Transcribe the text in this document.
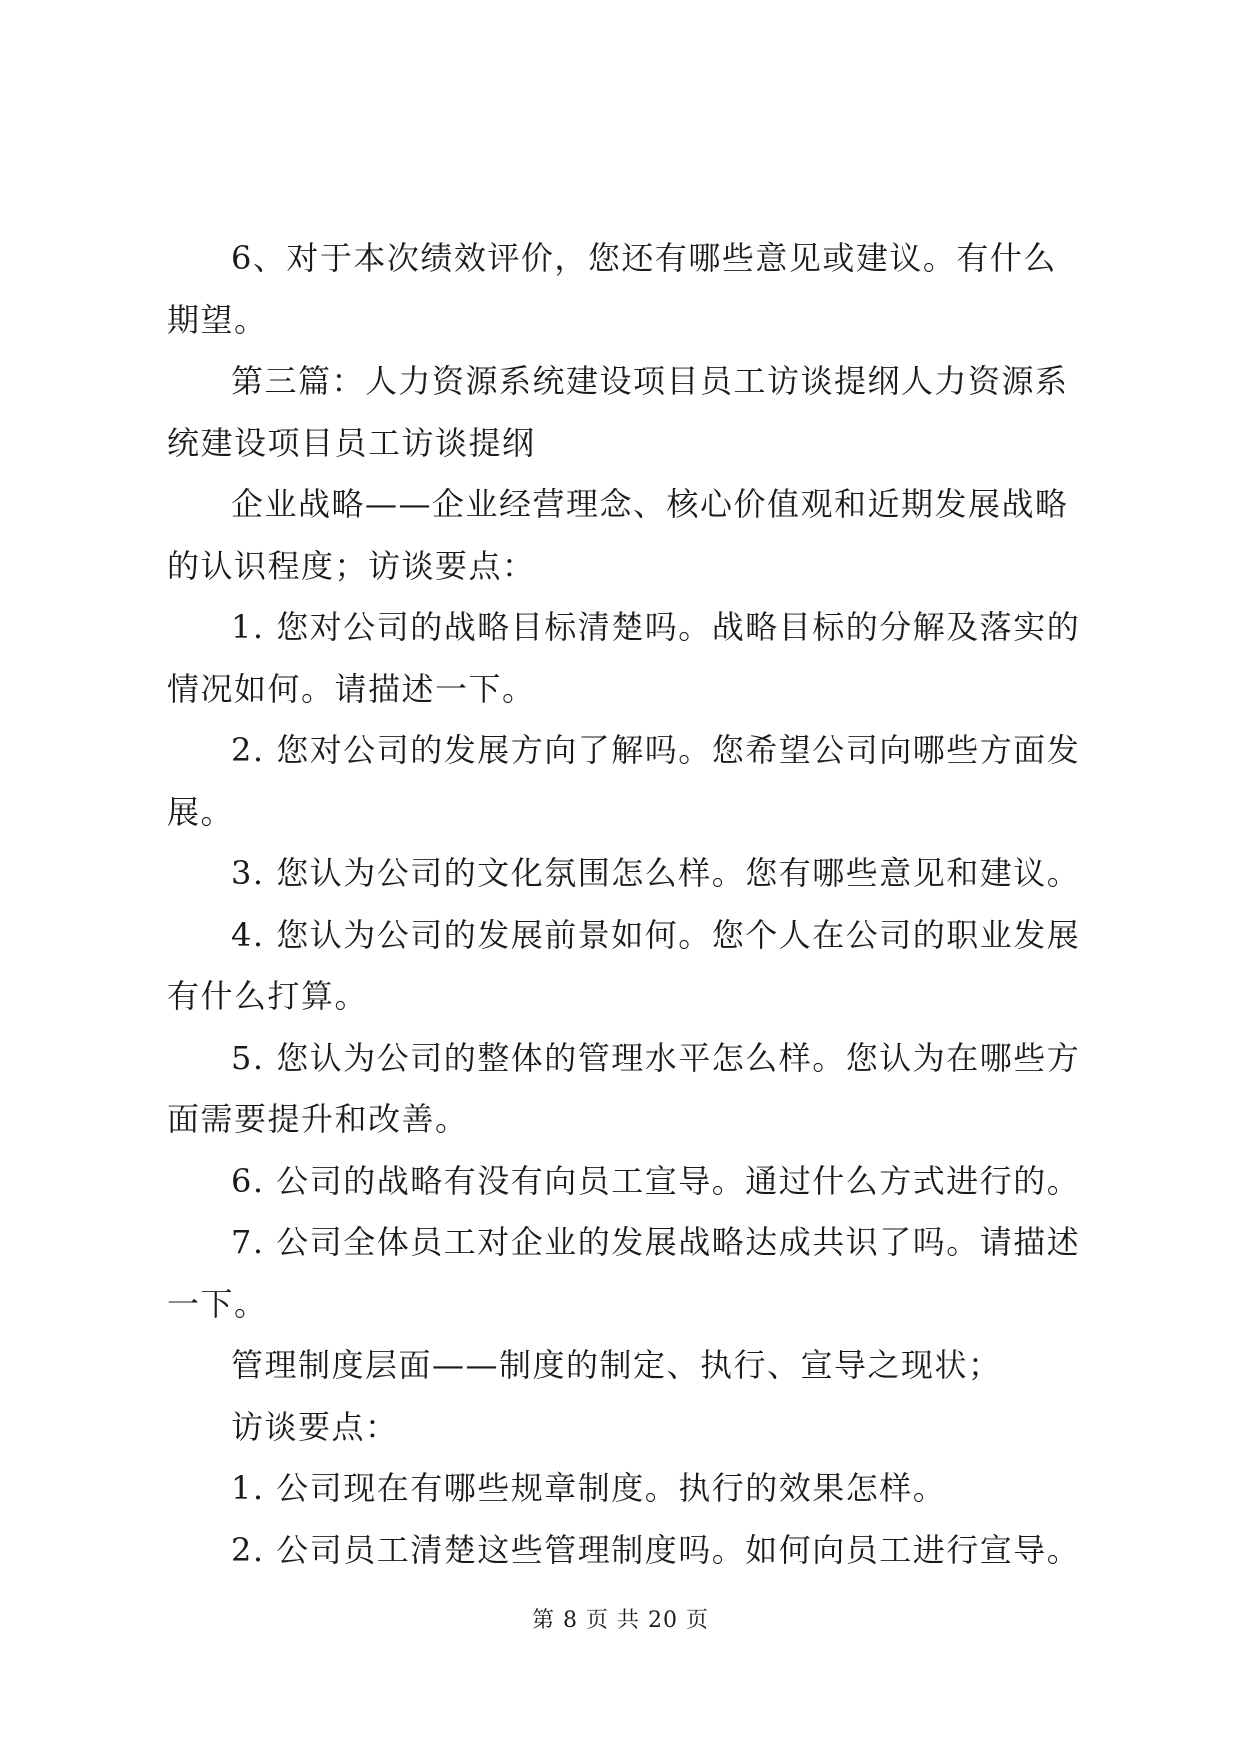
6、对于本次绩效评价，您还有哪些意见或建议。有什么期望。

第三篇：人力资源系统建设项目员工访谈提纲人力资源系统建设项目员工访谈提纲

企业战略——企业经营理念、核心价值观和近期发展战略的认识程度；访谈要点：

1. 您对公司的战略目标清楚吗。战略目标的分解及落实的情况如何。请描述一下。

2. 您对公司的发展方向了解吗。您希望公司向哪些方面发展。

3. 您认为公司的文化氛围怎么样。您有哪些意见和建议。

4. 您认为公司的发展前景如何。您个人在公司的职业发展有什么打算。

5. 您认为公司的整体的管理水平怎么样。您认为在哪些方面需要提升和改善。

6. 公司的战略有没有向员工宣导。通过什么方式进行的。

7. 公司全体员工对企业的发展战略达成共识了吗。请描述一下。

管理制度层面——制度的制定、执行、宣导之现状；

访谈要点：

1. 公司现在有哪些规章制度。执行的效果怎样。

2. 公司员工清楚这些管理制度吗。如何向员工进行宣导。

第 8 页 共 20 页
